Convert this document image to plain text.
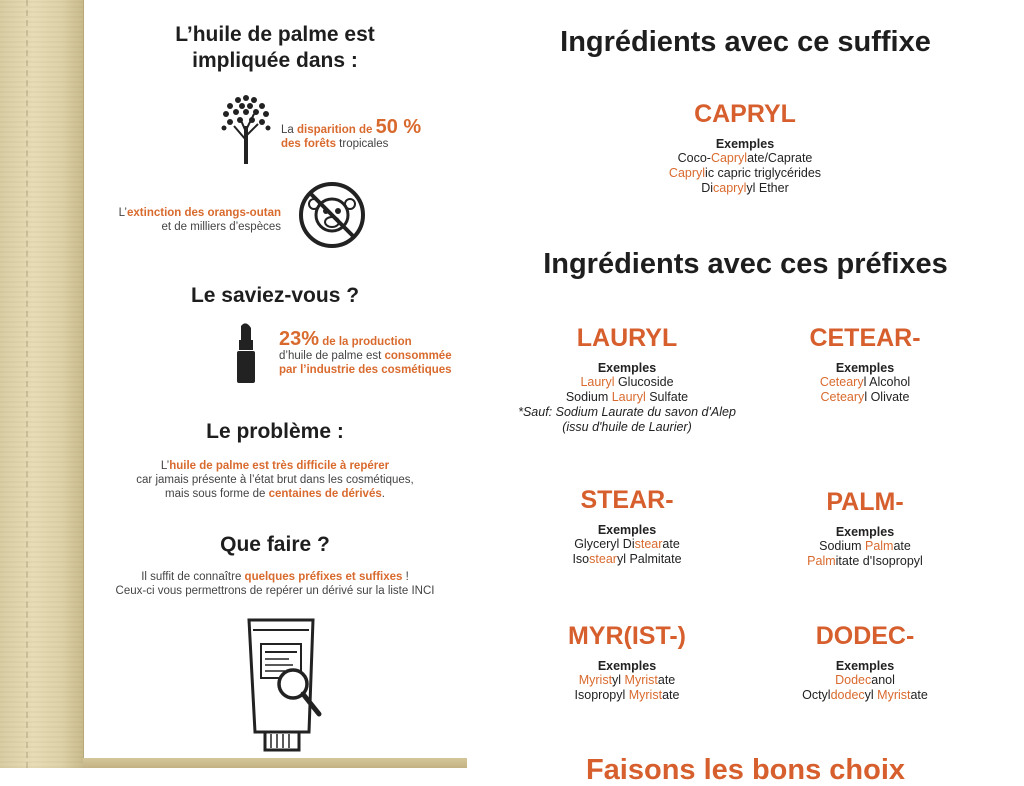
L’huile de palme est
impliquée dans :
La disparition de 50 %
des forêts tropicales
L’extinction des orangs-outan
et de milliers d’espèces
Le saviez-vous ?
23% de la production
d’huile de palme est consommée
par l’industrie des cosmétiques
Le problème :
L’huile de palme est très difficile à repérer
car jamais présente à l’état brut dans les cosmétiques,
mais sous forme de centaines de dérivés.
Que faire ?
Il suffit de connaître quelques préfixes et suffixes !
Ceux-ci vous permettrons de repérer un dérivé sur la liste INCI
Ingrédients avec ce suffixe
CAPRYL
Exemples
Coco-Caprylate/Caprate
Caprylic capric triglycérides
Dicaprylyl Ether
Ingrédients avec ces préfixes
LAURYL
Exemples
Lauryl Glucoside
Sodium Lauryl Sulfate
*Sauf: Sodium Laurate du savon d'Alep
(issu d'huile de Laurier)
CETEAR-
Exemples
Cetearyl Alcohol
Cetearyl Olivate
STEAR-
Exemples
Glyceryl Distearate
Isostearyl Palmitate
PALM-
Exemples
Sodium Palmate
Palmitate d'Isopropyl
MYR(IST-)
Exemples
Myristyl Myristate
Isopropyl Myristate
DODEC-
Exemples
Dodecanol
Octyldodecyl Myristate
Faisons les bons choix
